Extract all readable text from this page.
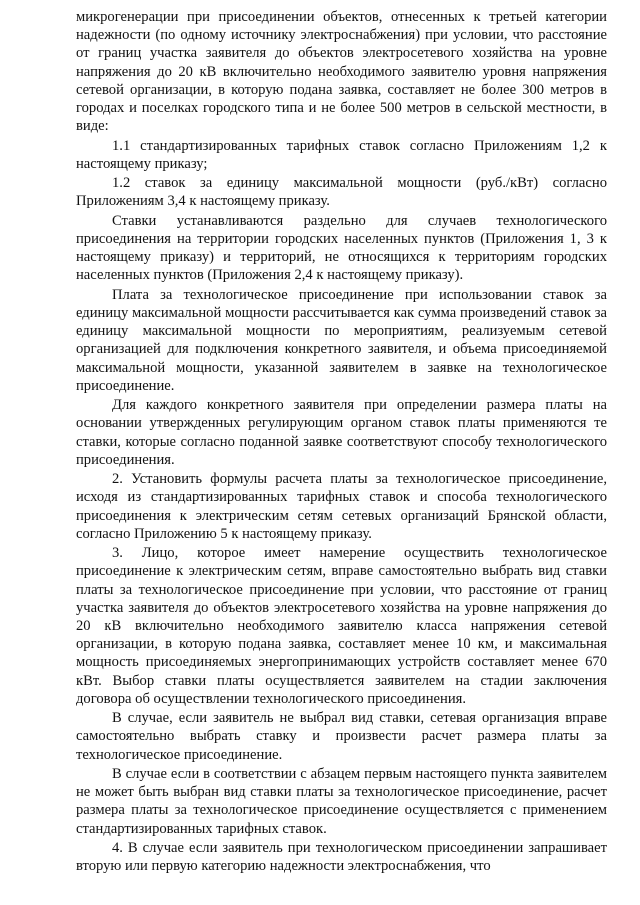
микрогенерации при присоединении объектов, отнесенных к третьей категории надежности (по одному источнику электроснабжения) при условии, что расстояние от границ участка заявителя до объектов электросетевого хозяйства на уровне напряжения до 20 кВ включительно необходимого заявителю уровня напряжения сетевой организации, в которую подана заявка, составляет не более 300 метров в городах и поселках городского типа и не более 500 метров в сельской местности, в виде:

1.1 стандартизированных тарифных ставок согласно Приложениям 1,2 к настоящему приказу;

1.2 ставок за единицу максимальной мощности (руб./кВт) согласно Приложениям 3,4 к настоящему приказу.

Ставки устанавливаются раздельно для случаев технологического присоединения на территории городских населенных пунктов (Приложения 1, 3 к настоящему приказу) и территорий, не относящихся к территориям городских населенных пунктов (Приложения 2,4 к настоящему приказу).

Плата за технологическое присоединение при использовании ставок за единицу максимальной мощности рассчитывается как сумма произведений ставок за единицу максимальной мощности по мероприятиям, реализуемым сетевой организацией для подключения конкретного заявителя, и объема присоединяемой максимальной мощности, указанной заявителем в заявке на технологическое присоединение.

Для каждого конкретного заявителя при определении размера платы на основании утвержденных регулирующим органом ставок платы применяются те ставки, которые согласно поданной заявке соответствуют способу технологического присоединения.

2. Установить формулы расчета платы за технологическое присоединение, исходя из стандартизированных тарифных ставок и способа технологического присоединения к электрическим сетям сетевых организаций Брянской области, согласно Приложению 5 к настоящему приказу.

3. Лицо, которое имеет намерение осуществить технологическое присоединение к электрическим сетям, вправе самостоятельно выбрать вид ставки платы за технологическое присоединение при условии, что расстояние от границ участка заявителя до объектов электросетевого хозяйства на уровне напряжения до 20 кВ включительно необходимого заявителю класса напряжения сетевой организации, в которую подана заявка, составляет менее 10 км, и максимальная мощность присоединяемых энергопринимающих устройств составляет менее 670 кВт. Выбор ставки платы осуществляется заявителем на стадии заключения договора об осуществлении технологического присоединения.

В случае, если заявитель не выбрал вид ставки, сетевая организация вправе самостоятельно выбрать ставку и произвести расчет размера платы за технологическое присоединение.

В случае если в соответствии с абзацем первым настоящего пункта заявителем не может быть выбран вид ставки платы за технологическое присоединение, расчет размера платы за технологическое присоединение осуществляется с применением стандартизированных тарифных ставок.

4. В случае если заявитель при технологическом присоединении запрашивает вторую или первую категорию надежности электроснабжения, что
